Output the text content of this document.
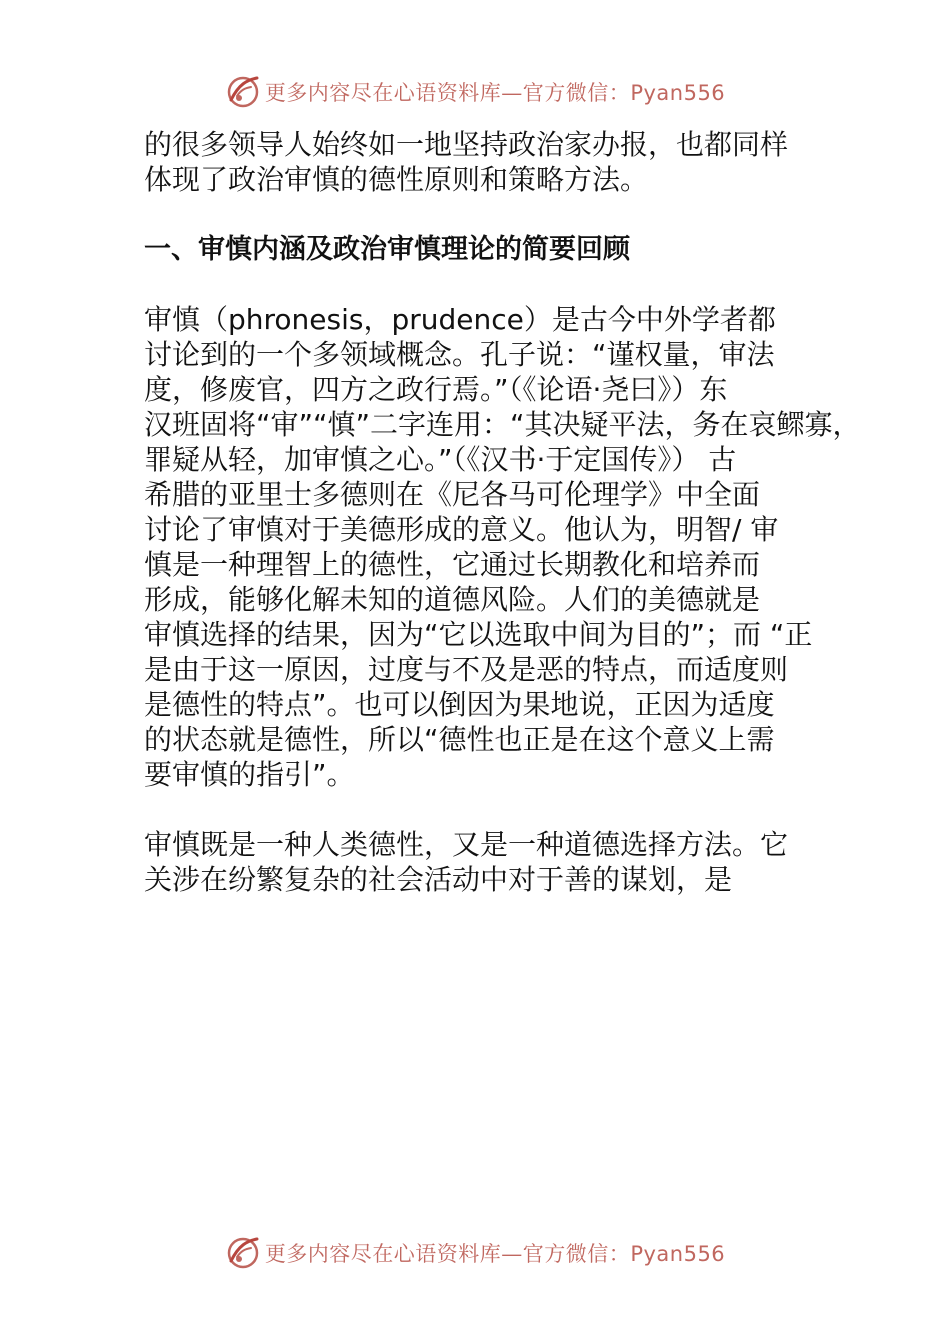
更多内容尽在心语资料库—官方微信：Pyan556
的很多领导人始终如一地坚持政治家办报，也都同样
体现了政治审慎的德性原则和策略方法。
一、审慎内涵及政治审慎理论的简要回顾
审慎（phronesis，prudence）是古今中外学者都
讨论到的一个多领域概念。孔子说：“谨权量，审法
度，修废官，四方之政行焉。”（《论语·尧曰》）东
汉班固将“审”“慎”二字连用：“其决疑平法，务在哀鳏寡，
罪疑从轻，加审慎之心。”（《汉书·于定国传》） 古
希腊的亚里士多德则在《尼各马可伦理学》中全面
讨论了审慎对于美德形成的意义。他认为，明智/ 审
慎是一种理智上的德性，它通过长期教化和培养而
形成，能够化解未知的道德风险。人们的美德就是
审慎选择的结果，因为“它以选取中间为目的”；而 “正
是由于这一原因，过度与不及是恶的特点，而适度则
是德性的特点”。也可以倒因为果地说，正因为适度
的状态就是德性，所以“德性也正是在这个意义上需
要审慎的指引”。
审慎既是一种人类德性，又是一种道德选择方法。它
关涉在纷繁复杂的社会活动中对于善的谋划，是
更多内容尽在心语资料库—官方微信：Pyan556
